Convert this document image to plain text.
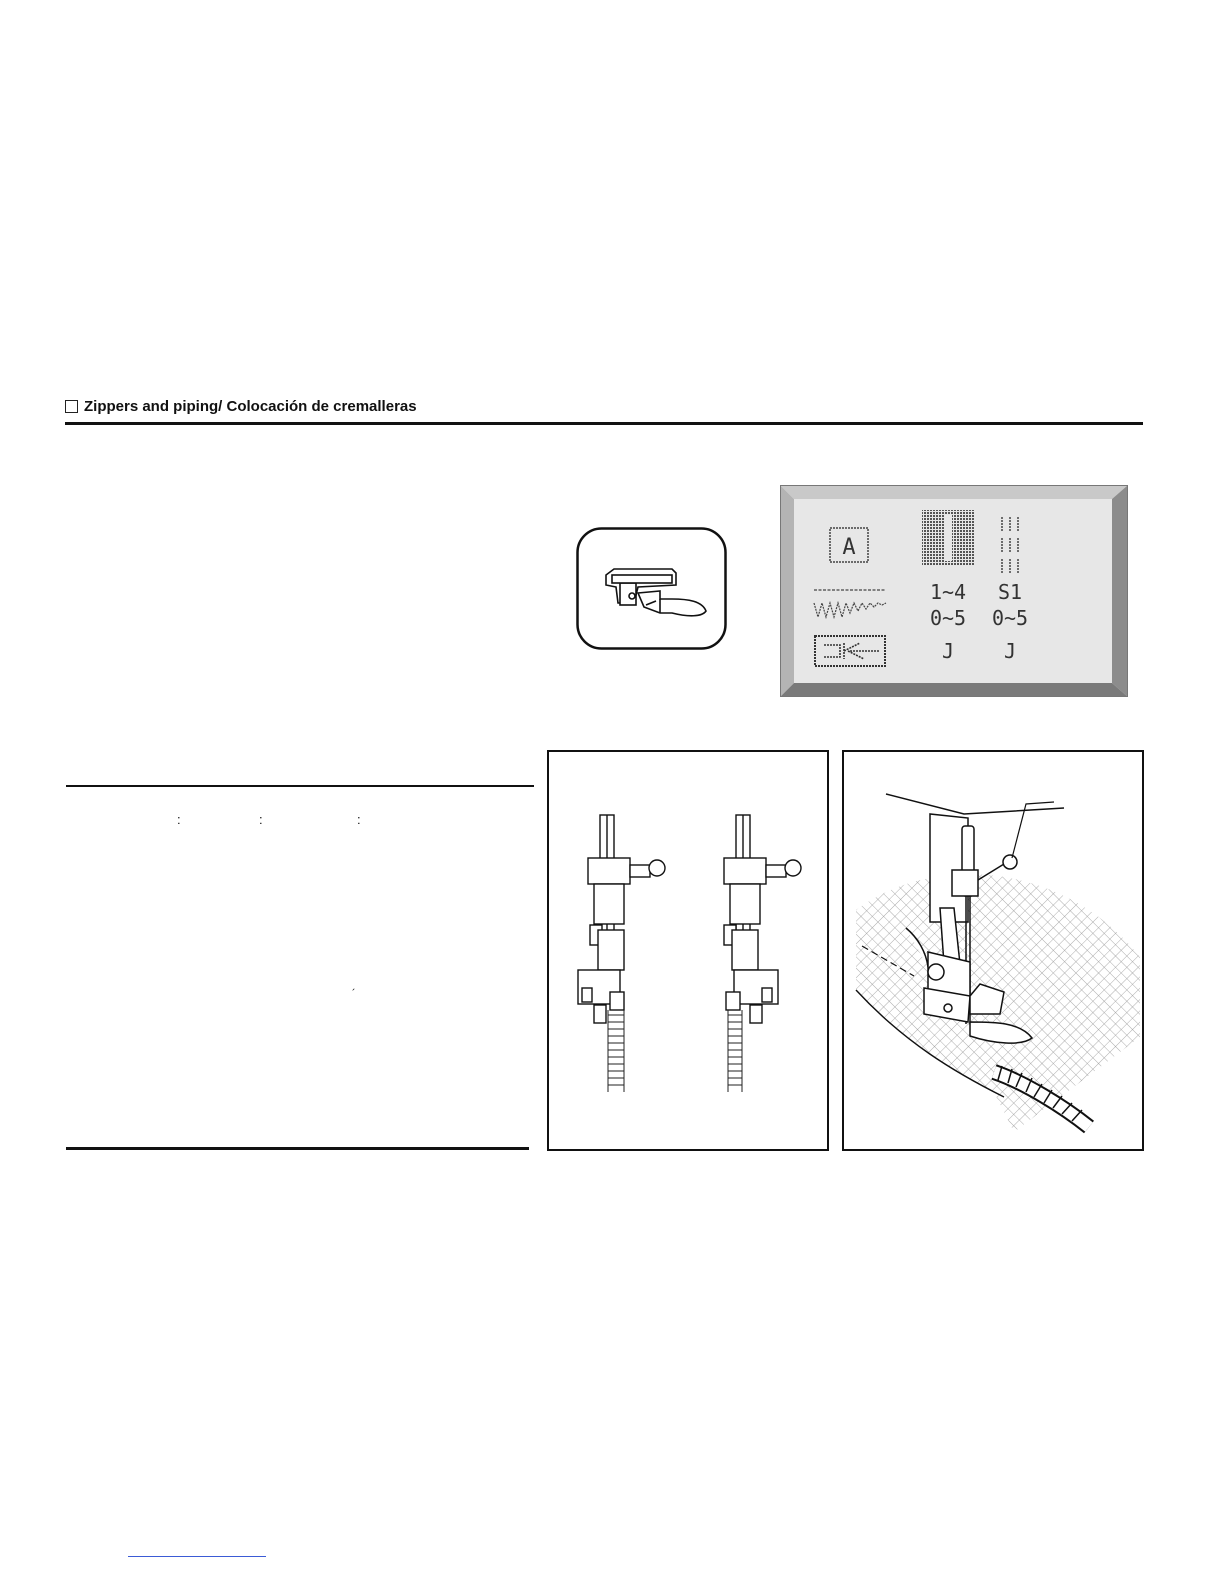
Zippers and piping/ Colocación de cremalleras
:	:	:
´
A
1~4 S1
0~5 0~5
J J
